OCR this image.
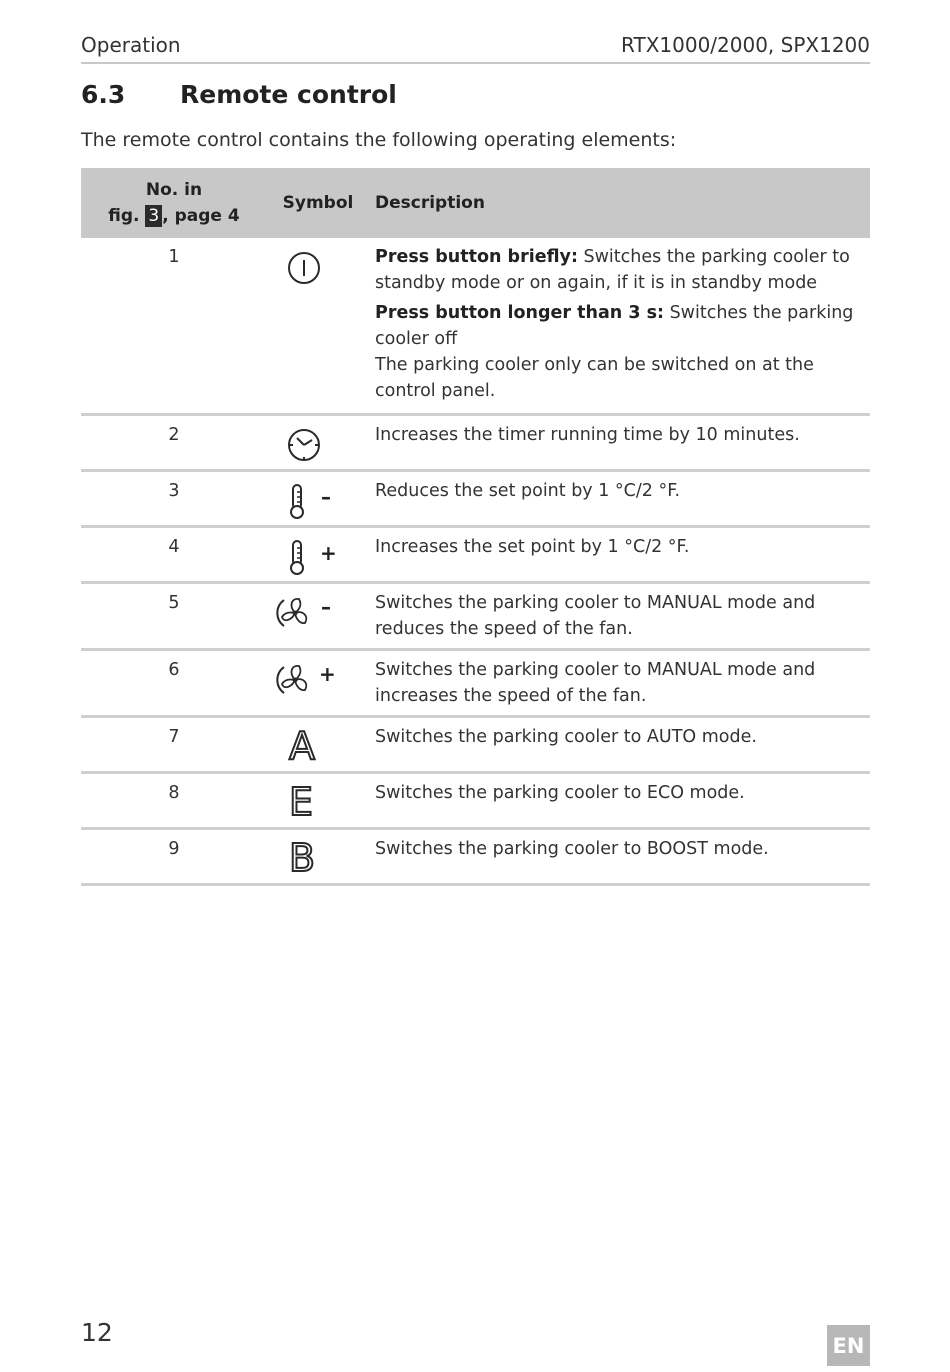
Operation	RTX1000/2000, SPX1200
6.3 Remote control
The remote control contains the following operating elements:
No. in
fig. 3 , page 4	Symbol	Description
1		Press button briefly: Switches the parking cooler to standby mode or on again, if it is in standby mode
Press button longer than 3 s: Switches the parking cooler off
The parking cooler only can be switched on at the control panel.

2		Increases the timer running time by 10 minutes.
3	–	Reduces the set point by 1 °C/2 °F.
4	+	Increases the set point by 1 °C/2 °F.
5	–	Switches the parking cooler to MANUAL mode and reduces the speed of the fan.
6	+	Switches the parking cooler to MANUAL mode and increases the speed of the fan.
7	A	Switches the parking cooler to AUTO mode.
8	E	Switches the parking cooler to ECO mode.
9	B	Switches the parking cooler to BOOST mode.
12	EN
